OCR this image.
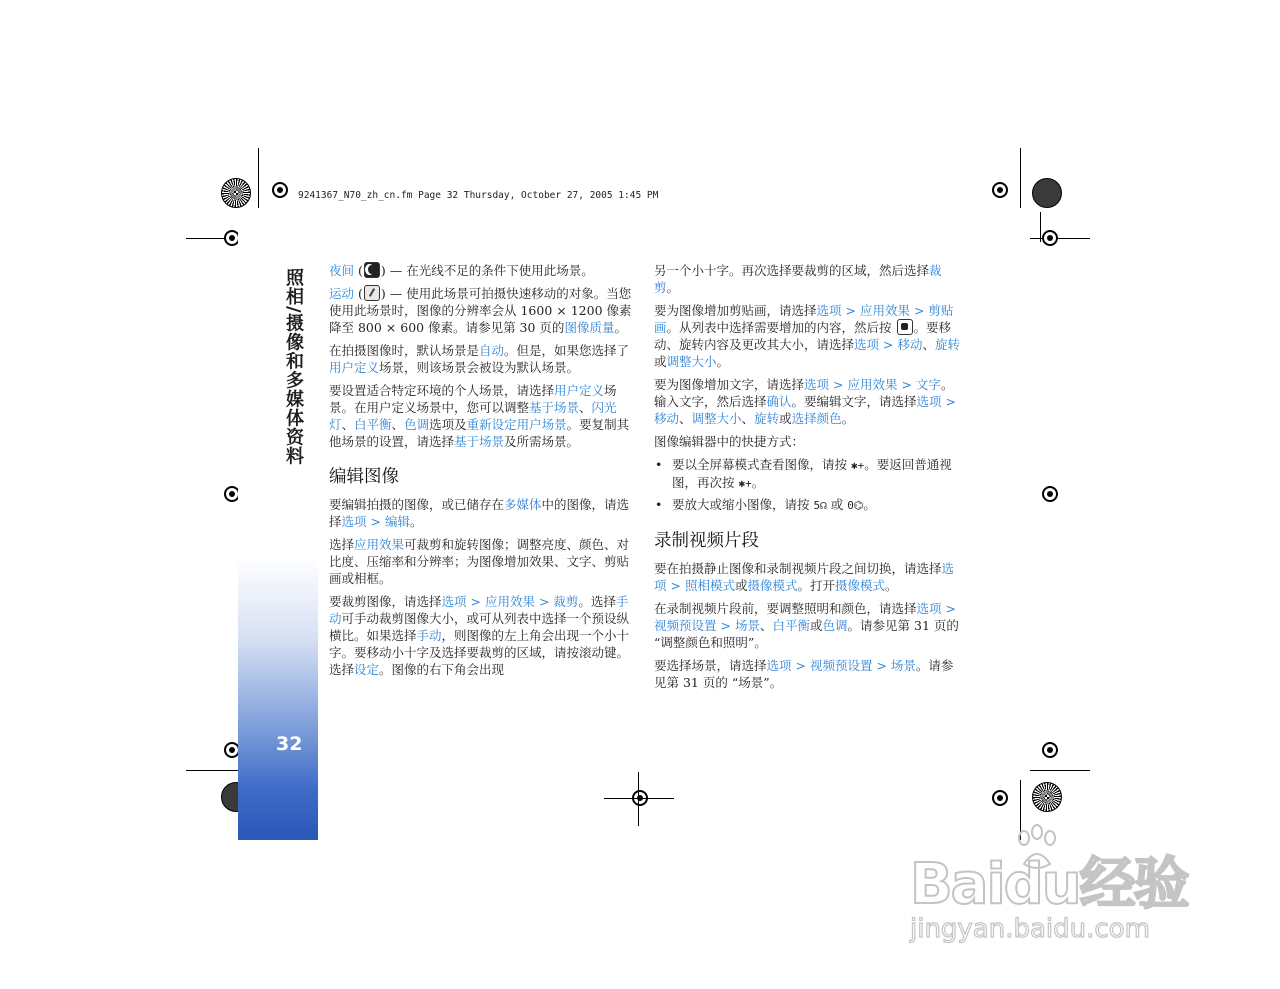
9241367_N70_zh_cn.fm Page 32 Thursday, October 27, 2005 1:45 PM
照相/摄像和多媒体资料
32

夜间 ( ) — 在光线不足的条件下使用此场景。

运动 ( ) — 使用此场景可拍摄快速移动的对象。当您使用此场景时，图像的分辨率会从 1600 × 1200 像素降至 800 × 600 像素。请参见第 30 页的图像质量。

在拍摄图像时，默认场景是自动。但是，如果您选择了用户定义场景，则该场景会被设为默认场景。

要设置适合特定环境的个人场景，请选择用户定义场景。在用户定义场景中，您可以调整基于场景、闪光灯、白平衡、色调选项及重新设定用户场景。要复制其他场景的设置，请选择基于场景及所需场景。

编辑图像

要编辑拍摄的图像，或已储存在多媒体中的图像，请选择选项 > 编辑。

选择应用效果可裁剪和旋转图像；调整亮度、颜色、对比度、压缩率和分辨率；为图像增加效果、文字、剪贴画或相框。

要裁剪图像，请选择选项 > 应用效果 > 裁剪。选择手动可手动裁剪图像大小，或可从列表中选择一个预设纵横比。如果选择手动，则图像的左上角会出现一个小十字。要移动小十字及选择要裁剪的区域，请按滚动键。选择设定。图像的右下角会出现

另一个小十字。再次选择要裁剪的区域，然后选择裁剪。

要为图像增加剪贴画，请选择选项 > 应用效果 > 剪贴画。从列表中选择需要增加的内容，然后按 。要移动、旋转内容及更改其大小，请选择选项 > 移动、旋转或调整大小。

要为图像增加文字，请选择选项 > 应用效果 > 文字。输入文字，然后选择确认。要编辑文字，请选择选项 > 移动、调整大小、旋转或选择颜色。

图像编辑器中的快捷方式：

• 要以全屏幕模式查看图像，请按 ✱+。要返回普通视图，再次按 ✱+。
• 要放大或缩小图像，请按 5☊ 或 0⌬。
录制视频片段

要在拍摄静止图像和录制视频片段之间切换，请选择选项 > 照相模式或摄像模式。打开摄像模式。

在录制视频片段前，要调整照明和颜色，请选择选项 > 视频预设置 > 场景、白平衡或色调。请参见第 31 页的 “调整颜色和照明”。

要选择场景，请选择选项 > 视频预设置 > 场景。请参见第 31 页的 “场景”。

Baidu经验
jingyan.baidu.com
